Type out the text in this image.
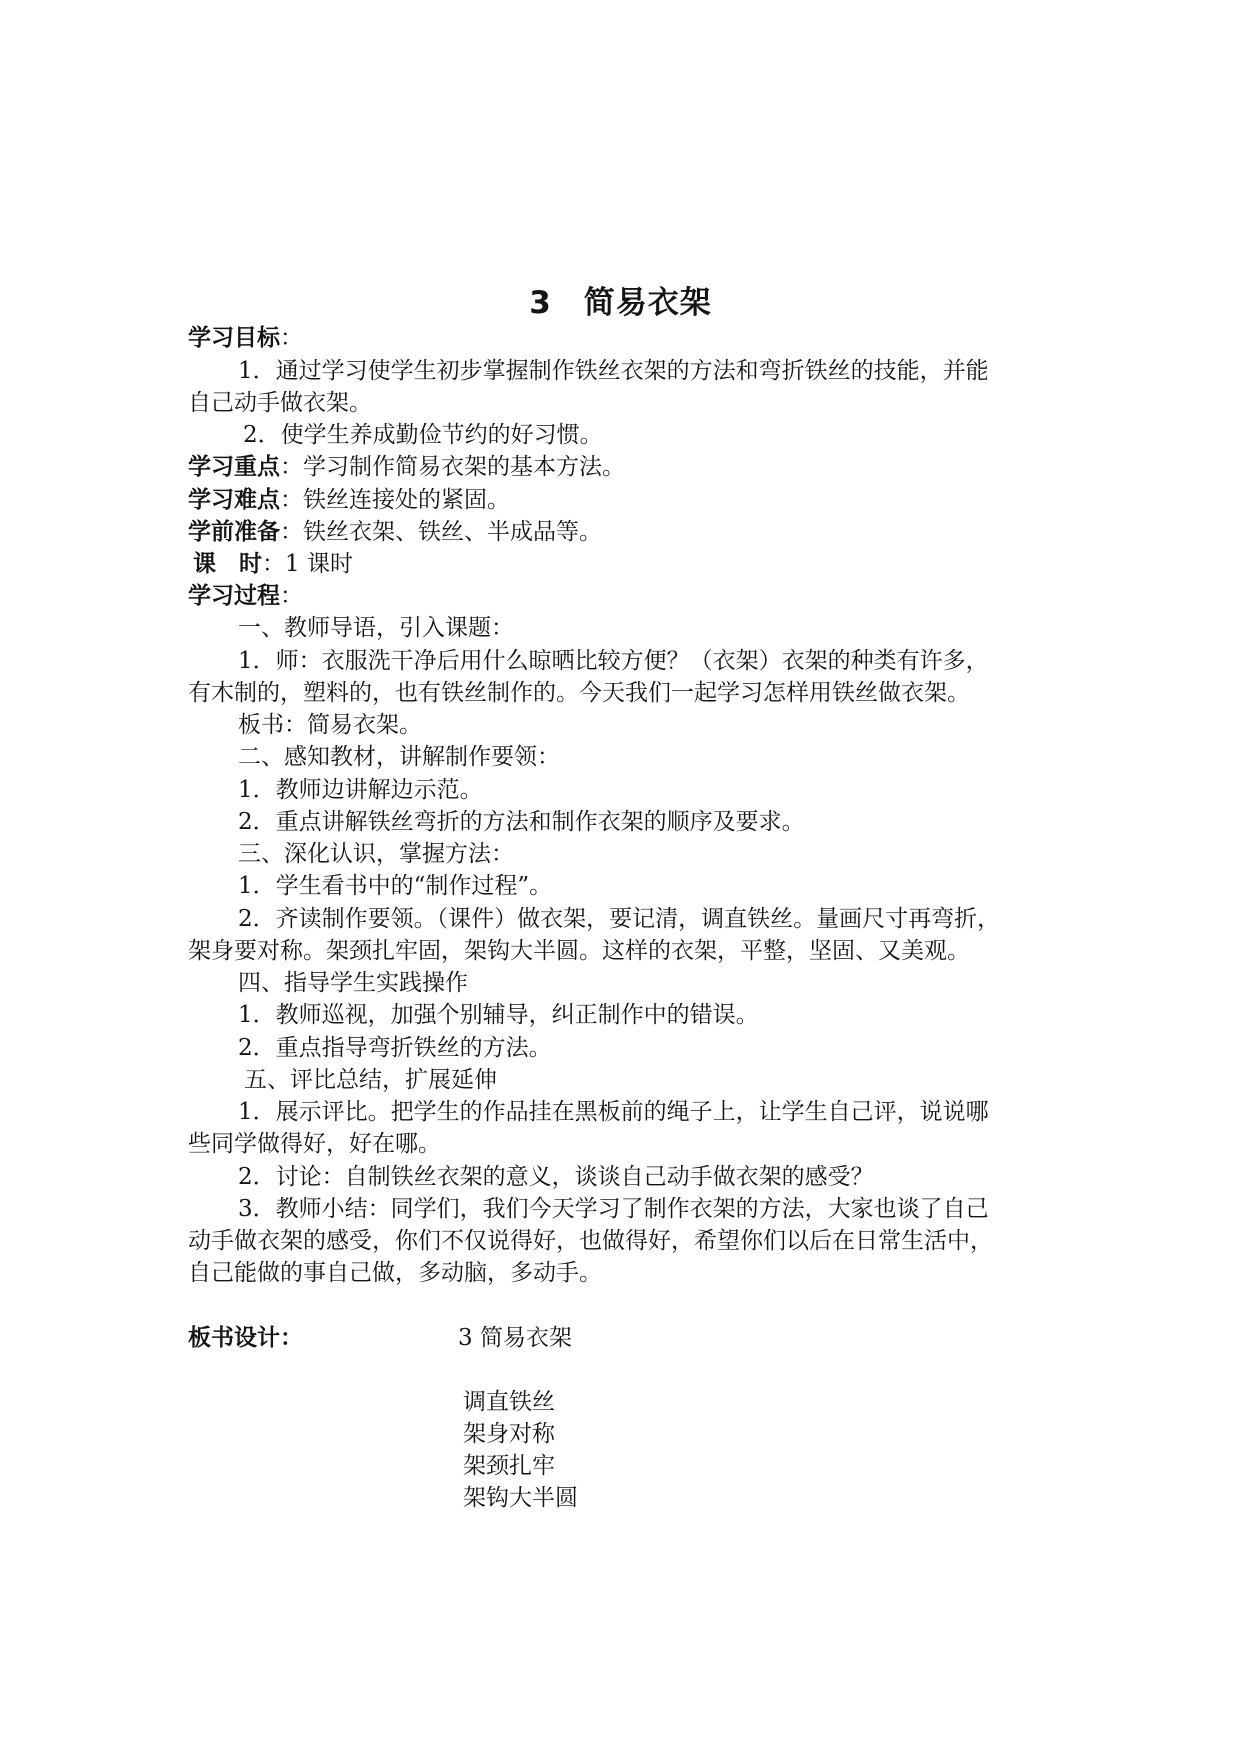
3　简易衣架
学习目标：
1．通过学习使学生初步掌握制作铁丝衣架的方法和弯折铁丝的技能，并能
自己动手做衣架。
2．使学生养成勤俭节约的好习惯。
学习重点：学习制作简易衣架的基本方法。
学习难点：铁丝连接处的紧固。
学前准备：铁丝衣架、铁丝、半成品等。
课　时：1 课时
学习过程：
一、教师导语，引入课题：
1．师：衣服洗干净后用什么晾晒比较方便？（衣架）衣架的种类有许多，
有木制的，塑料的，也有铁丝制作的。今天我们一起学习怎样用铁丝做衣架。
板书：简易衣架。
二、感知教材，讲解制作要领：
1．教师边讲解边示范。
2．重点讲解铁丝弯折的方法和制作衣架的顺序及要求。
三、深化认识，掌握方法：
1．学生看书中的“制作过程”。
2．齐读制作要领。（课件）做衣架，要记清，调直铁丝。量画尺寸再弯折，
架身要对称。架颈扎牢固，架钩大半圆。这样的衣架，平整，坚固、又美观。
四、指导学生实践操作
1．教师巡视，加强个别辅导，纠正制作中的错误。
2．重点指导弯折铁丝的方法。
五、评比总结，扩展延伸
1．展示评比。把学生的作品挂在黑板前的绳子上，让学生自己评，说说哪
些同学做得好，好在哪。
2．讨论：自制铁丝衣架的意义，谈谈自己动手做衣架的感受？
3．教师小结：同学们，我们今天学习了制作衣架的方法，大家也谈了自己
动手做衣架的感受，你们不仅说得好，也做得好，希望你们以后在日常生活中，
自己能做的事自己做，多动脑，多动手。
板书设计：	3 简易衣架
调直铁丝
架身对称
架颈扎牢
架钩大半圆
